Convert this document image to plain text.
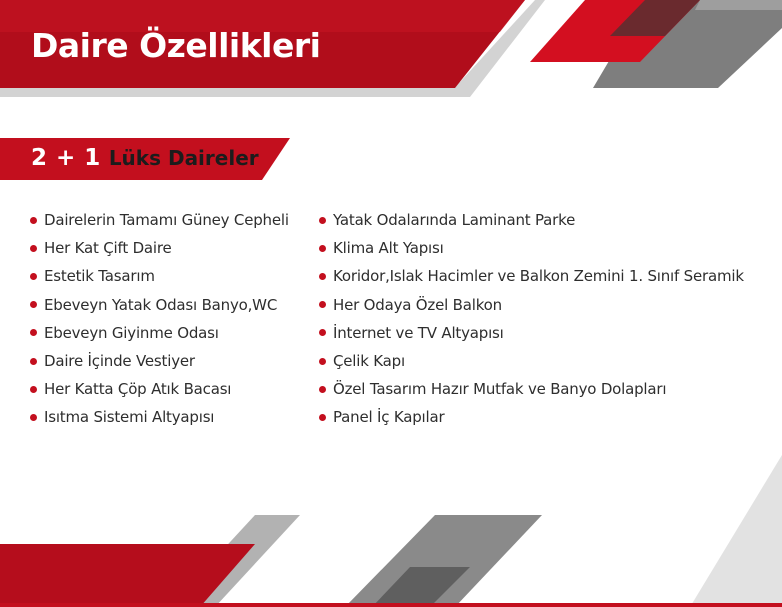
Daire Özellikleri
2 + 1 Lüks Daireler
Dairelerin Tamamı Güney Cepheli
Her Kat Çift Daire
Estetik Tasarım
Ebeveyn Yatak Odası Banyo,WC
Ebeveyn Giyinme Odası
Daire İçinde Vestiyer
Her Katta Çöp Atık Bacası
Isıtma Sistemi Altyapısı
Yatak Odalarında Laminant Parke
Klima Alt Yapısı
Koridor,Islak Hacimler ve Balkon Zemini 1. Sınıf Seramik
Her Odaya Özel Balkon
İnternet ve TV Altyapısı
Çelik Kapı
Özel Tasarım Hazır Mutfak ve Banyo Dolapları
Panel İç Kapılar
